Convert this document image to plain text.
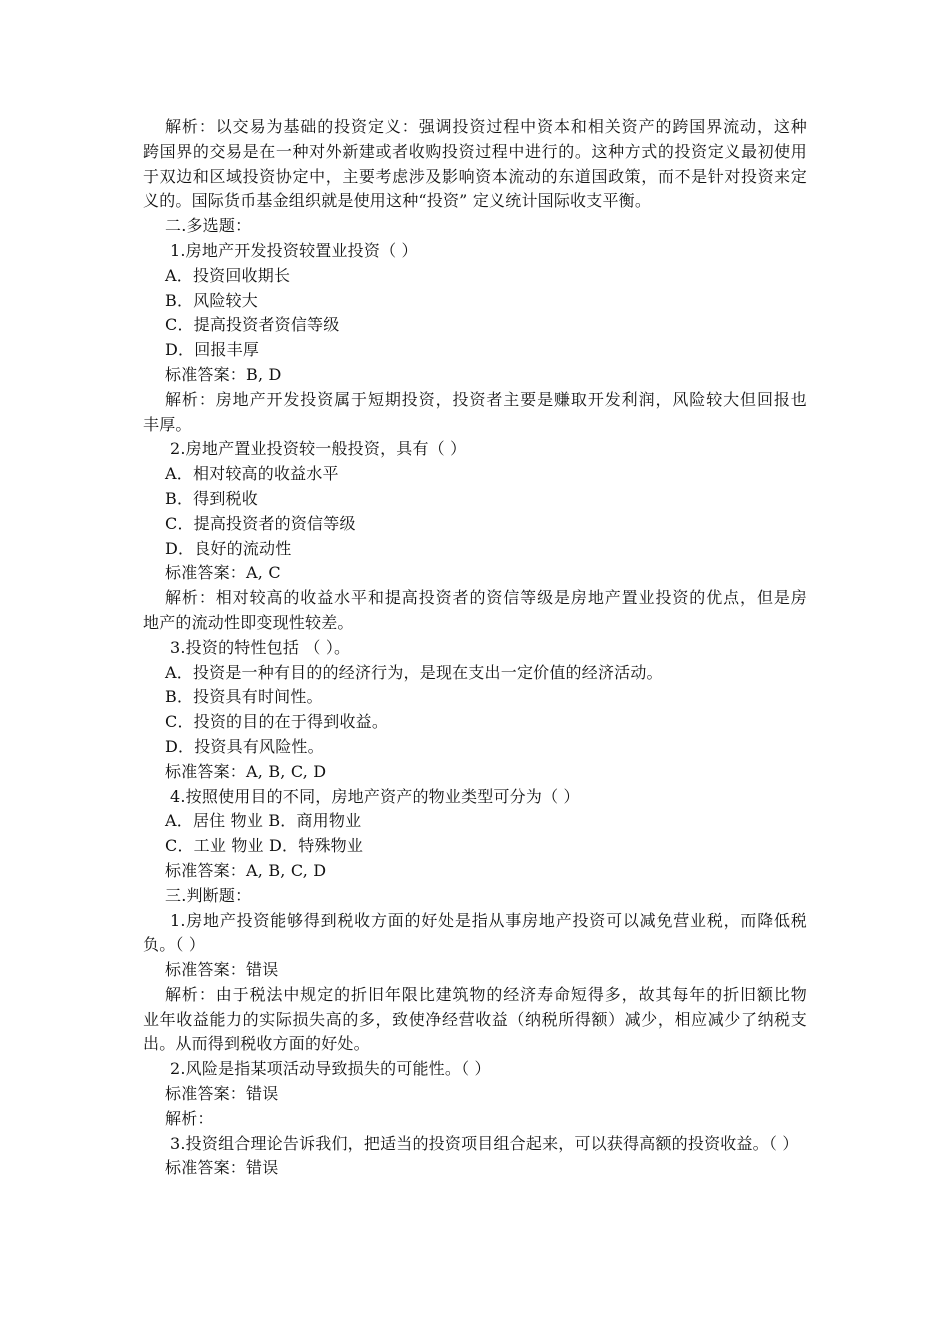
解析：以交易为基础的投资定义：强调投资过程中资本和相关资产的跨国界流动，这种
跨国界的交易是在一种对外新建或者收购投资过程中进行的。这种方式的投资定义最初使用
于双边和区域投资协定中，主要考虑涉及影响资本流动的东道国政策，而不是针对投资来定
义的。国际货币基金组织就是使用这种“投资” 定义统计国际收支平衡。
二.多选题：
1.房地产开发投资较置业投资（ ）
A．投资回收期长
B．风险较大
C．提高投资者资信等级
D．回报丰厚
标准答案：B, D
解析：房地产开发投资属于短期投资，投资者主要是赚取开发利润，风险较大但回报也
丰厚。
2.房地产置业投资较一般投资，具有（ ）
A．相对较高的收益水平
B．得到税收
C．提高投资者的资信等级
D．良好的流动性
标准答案：A, C
解析：相对较高的收益水平和提高投资者的资信等级是房地产置业投资的优点，但是房
地产的流动性即变现性较差。
3.投资的特性包括 （ ）。
A．投资是一种有目的的经济行为，是现在支出一定价值的经济活动。
B．投资具有时间性。
C．投资的目的在于得到收益。
D．投资具有风险性。
标准答案：A, B, C, D
4.按照使用目的不同，房地产资产的物业类型可分为（ ）
A．居住 物业 B．商用物业
C．工业 物业 D．特殊物业
标准答案：A, B, C, D
三.判断题：
1.房地产投资能够得到税收方面的好处是指从事房地产投资可以减免营业税，而降低税
负。（ ）
标准答案：错误
解析：由于税法中规定的折旧年限比建筑物的经济寿命短得多，故其每年的折旧额比物
业年收益能力的实际损失高的多，致使净经营收益（纳税所得额）减少，相应减少了纳税支
出。从而得到税收方面的好处。
2.风险是指某项活动导致损失的可能性。（ ）
标准答案：错误
解析：
3.投资组合理论告诉我们，把适当的投资项目组合起来，可以获得高额的投资收益。（ ）
标准答案：错误
